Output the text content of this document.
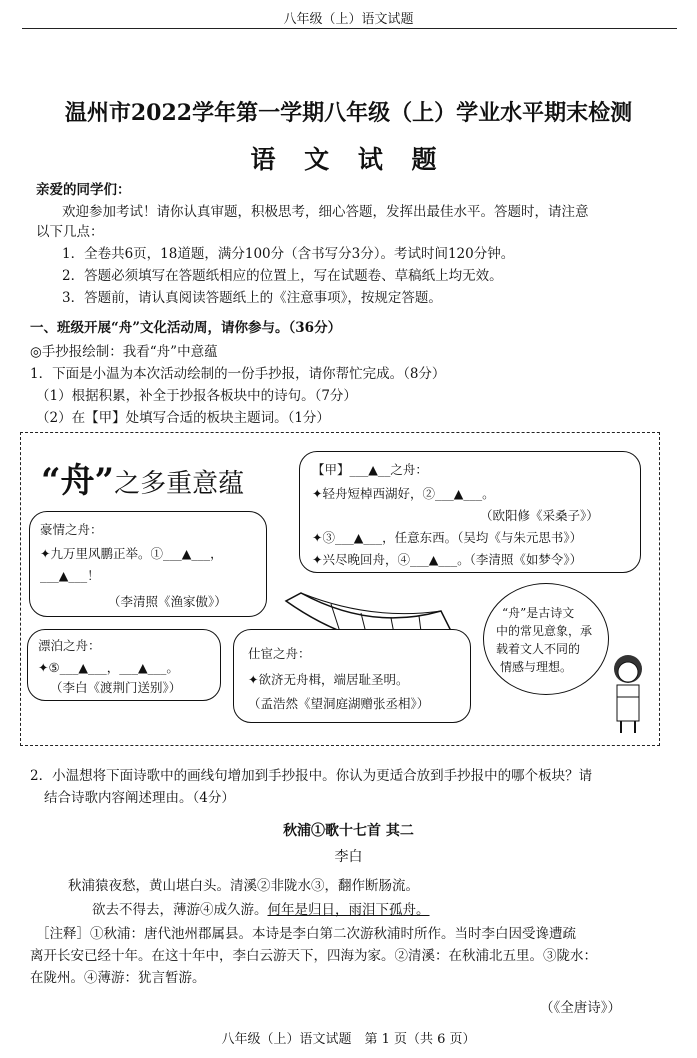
八年级（上）语文试题
温州市2022学年第一学期八年级（上）学业水平期末检测
语 文 试 题
亲爱的同学们：
欢迎参加考试！请你认真审题，积极思考，细心答题，发挥出最佳水平。答题时，请注意
以下几点：
1．全卷共6页，18道题，满分100分（含书写分3分）。考试时间120分钟。
2．答题必须填写在答题纸相应的位置上，写在试题卷、草稿纸上均无效。
3．答题前，请认真阅读答题纸上的《注意事项》，按规定答题。
一、班级开展“舟”文化活动周，请你参与。（36分）
◎手抄报绘制：我看“舟”中意蕴
1．下面是小温为本次活动绘制的一份手抄报，请你帮忙完成。（8分）
（1）根据积累，补全于抄报各板块中的诗句。（7分）
（2）在【甲】处填写合适的板块主题词。（1分）
“舟”之多重意蕴	【甲】___▲__之舟：
✦轻舟短棹西湖好，②___▲___。
（欧阳修《采桑子》）
✦③___▲___，任意东西。（吴均《与朱元思书》）
✦兴尽晚回舟，④___▲___。（李清照《如梦令》）
豪情之舟：
✦九万里风鹏正举。①___▲___，
___▲___！
（李清照《渔家傲》）
漂泊之舟：
✦⑤___▲___，___▲___。
（李白《渡荆门送别》）
仕宦之舟：
✦欲济无舟楫，端居耻圣明。
（孟浩然《望洞庭湖赠张丞相》）
“舟”是古诗文
中的常见意象，承
载着文人不同的
情感与理想。
2．小温想将下面诗歌中的画线句增加到手抄报中。你认为更适合放到手抄报中的哪个板块？请
结合诗歌内容阐述理由。（4分）
秋浦①歌十七首 其二
李白
秋浦猿夜愁，黄山堪白头。清溪②非陇水③，翻作断肠流。
欲去不得去，薄游④成久游。何年是归日，雨泪下孤舟。
［注释］①秋浦：唐代池州郡属县。本诗是李白第二次游秋浦时所作。当时李白因受谗遭疏
离开长安已经十年。在这十年中，李白云游天下，四海为家。②清溪：在秋浦北五里。③陇水：
在陇州。④薄游：犹言暂游。
（《全唐诗》）
八年级（上）语文试题　第 1 页（共 6 页）
